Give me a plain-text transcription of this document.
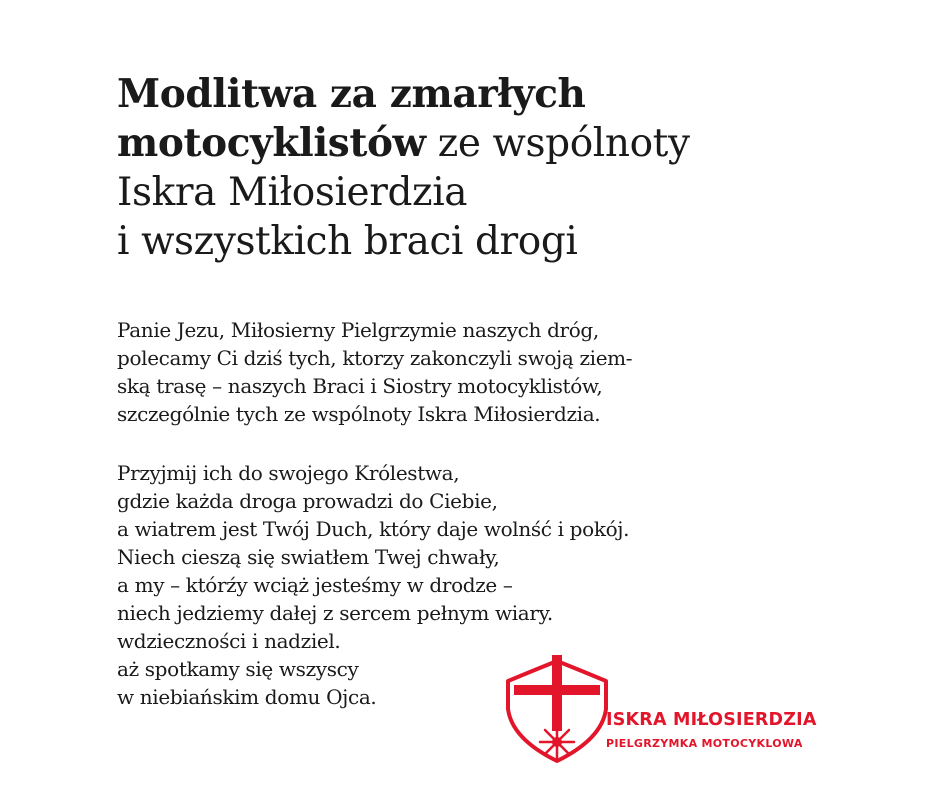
Modlitwa za zmarłych
motocyklistów ze wspólnoty
Iskra Miłosierdzia
i wszystkich braci drogi
Panie Jezu, Miłosierny Pielgrzymie naszych dróg,
polecamy Ci dziś tych, ktorzy zakonczyli swoją ziem-
ską trasę – naszych Braci i Siostry motocyklistów,
szczególnie tych ze wspólnoty Iskra Miłosierdzia.
Przyjmij ich do swojego Królestwa,
gdzie każda droga prowadzi do Ciebie,
a wiatrem jest Twój Duch, który daje wolnść i pokój.
Niech cieszą się swiatłem Twej chwały,
a my – którźy wciąż jesteśmy w drodze –
niech jedziemy dałej z sercem pełnym wiary.
wdzieczności i nadziel.
aż spotkamy się wszyscy
w niebiańskim domu Ojca.
ISKRA MIŁOSIERDZIA
PIELGRZYMKA MOTOCYKLOWA
